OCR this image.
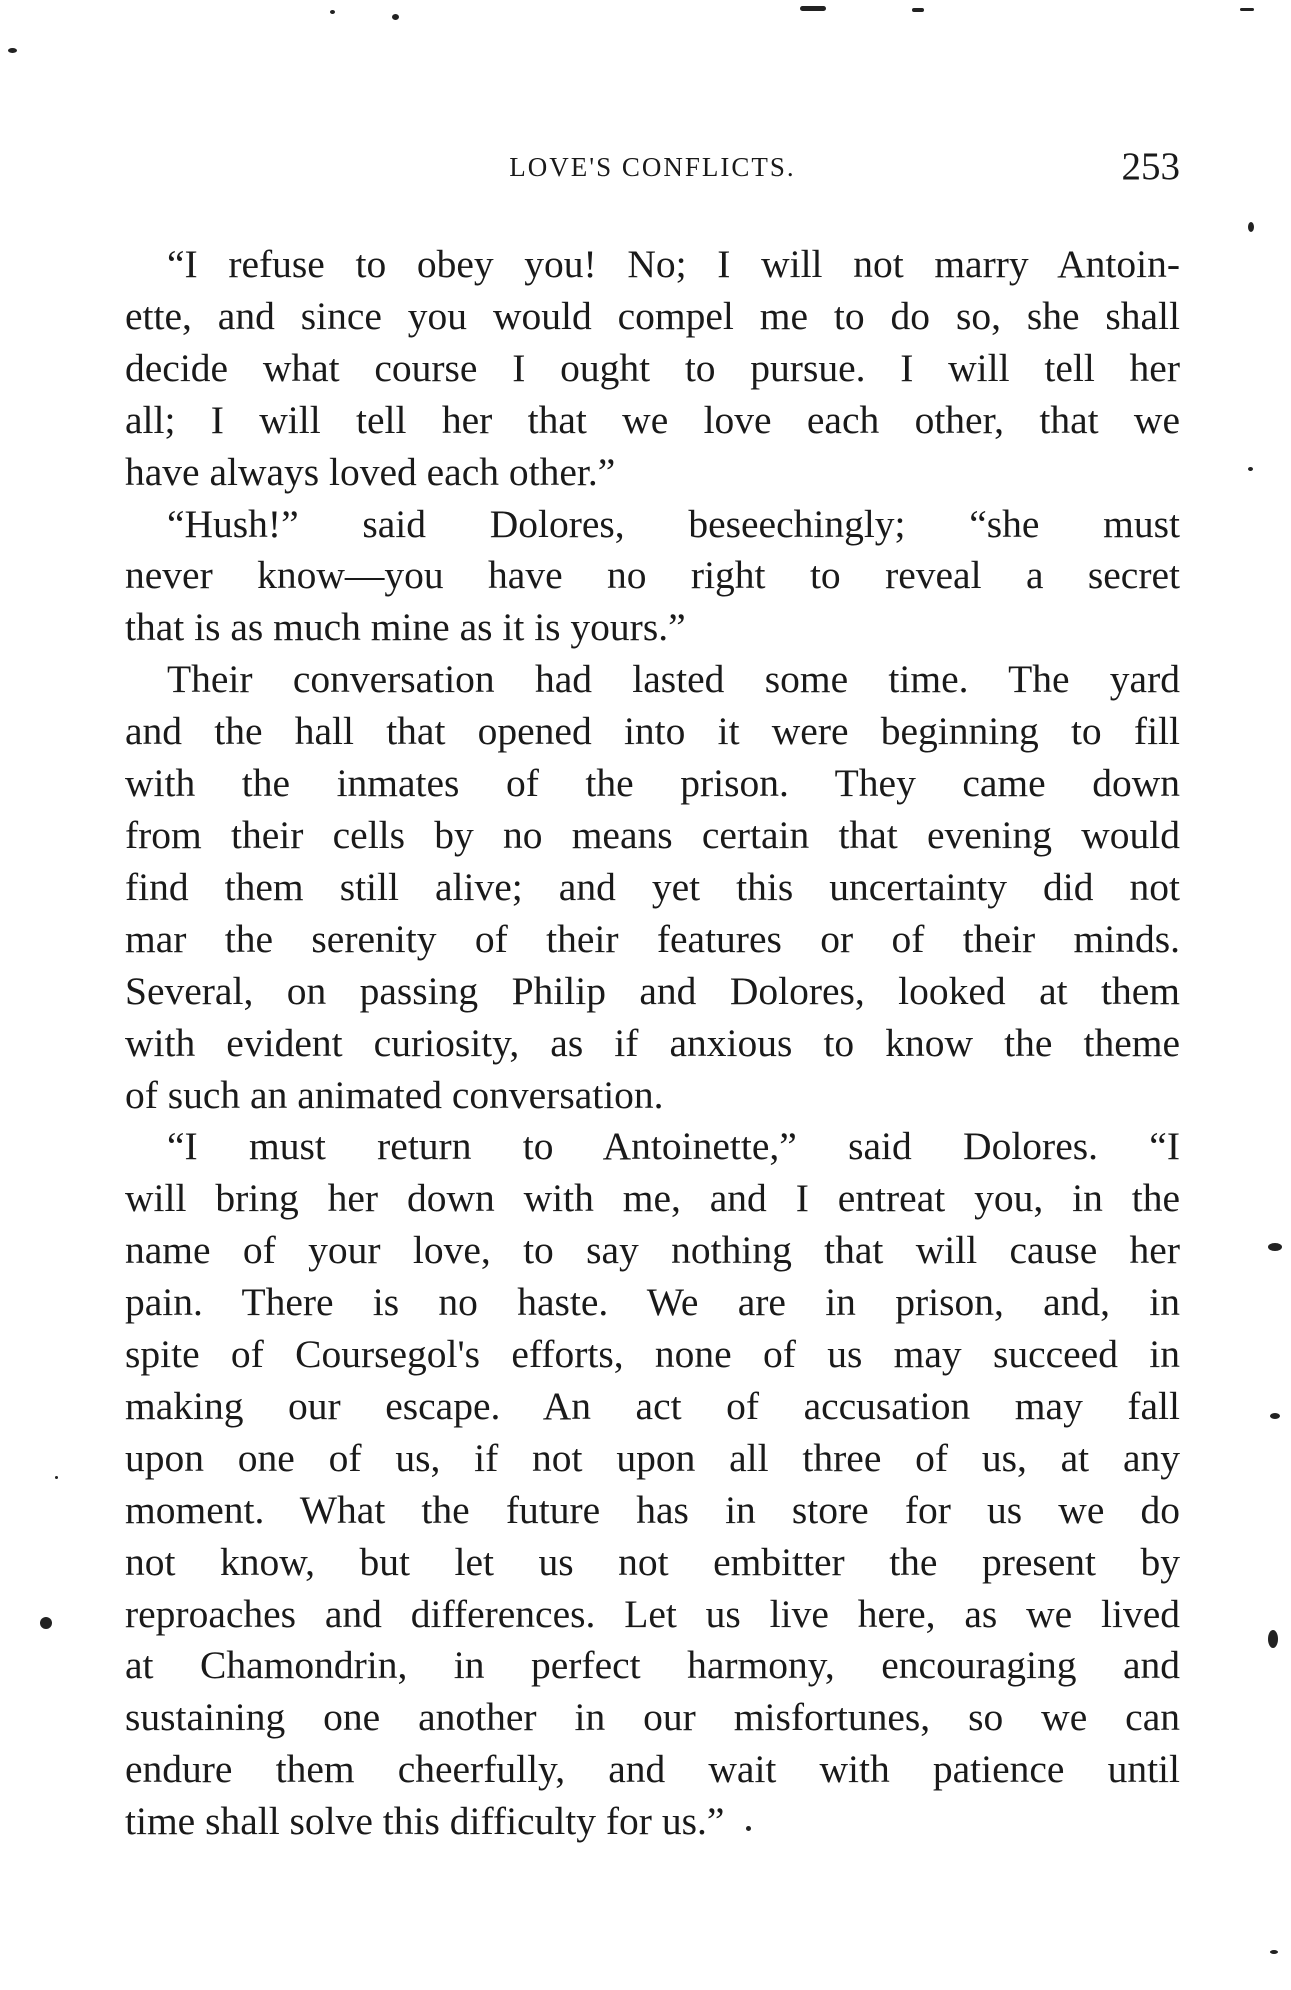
LOVE'S CONFLICTS.	253
“I refuse to obey you! No; I will not marry Antoin-
ette, and since you would compel me to do so, she shall
decide what course I ought to pursue. I will tell her
all; I will tell her that we love each other, that we
have always loved each other.”
“Hush!” said Dolores, beseechingly; “she must
never know—you have no right to reveal a secret
that is as much mine as it is yours.”
Their conversation had lasted some time. The yard
and the hall that opened into it were beginning to fill
with the inmates of the prison. They came down
from their cells by no means certain that evening would
find them still alive; and yet this uncertainty did not
mar the serenity of their features or of their minds.
Several, on passing Philip and Dolores, looked at them
with evident curiosity, as if anxious to know the theme
of such an animated conversation.
“I must return to Antoinette,” said Dolores. “I
will bring her down with me, and I entreat you, in the
name of your love, to say nothing that will cause her
pain. There is no haste. We are in prison, and, in
spite of Coursegol's efforts, none of us may succeed in
making our escape. An act of accusation may fall
upon one of us, if not upon all three of us, at any
moment. What the future has in store for us we do
not know, but let us not embitter the present by
reproaches and differences. Let us live here, as we lived
at Chamondrin, in perfect harmony, encouraging and
sustaining one another in our misfortunes, so we can
endure them cheerfully, and wait with patience until
time shall solve this difficulty for us.”
